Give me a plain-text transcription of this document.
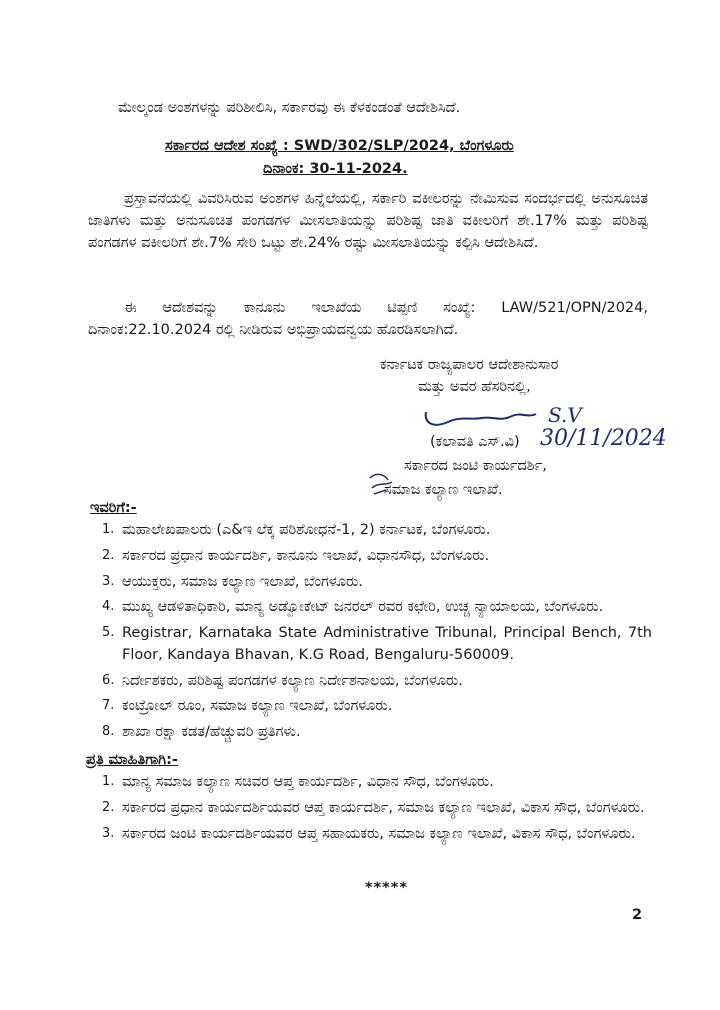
ಮೇಲ್ಕಂಡ ಅಂಶಗಳನ್ನು ಪರಿಶೀಲಿಸಿ, ಸರ್ಕಾರವು ಈ ಕೆಳಕಂಡಂತೆ ಆದೇಶಿಸಿದೆ.
ಸರ್ಕಾರದ ಆದೇಶ ಸಂಖ್ಯೆ : SWD/302/SLP/2024, ಬೆಂಗಳೂರು
ದಿನಾಂಕ: 30-11-2024.
ಪ್ರಸ್ತಾವನೆಯಲ್ಲಿ ವಿವರಿಸಿರುವ ಅಂಶಗಳ ಹಿನ್ನೆಲೆಯಲ್ಲಿ, ಸರ್ಕಾರಿ ವಕೀಲರನ್ನು ನೇಮಿಸುವ ಸಂದರ್ಭದಲ್ಲಿ ಅನುಸೂಚಿತ ಜಾತಿಗಳು ಮತ್ತು ಅನುಸೂಚಿತ ಪಂಗಡಗಳ ಮೀಸಲಾತಿಯನ್ನು ಪರಿಶಿಷ್ಟ ಜಾತಿ ವಕೀಲರಿಗೆ ಶೇ.17% ಮತ್ತು ಪರಿಶಿಷ್ಟ ಪಂಗಡಗಳ ವಕೀಲರಿಗೆ ಶೇ.7% ಸೇರಿ ಒಟ್ಟು ಶೇ.24% ರಷ್ಟು ಮೀಸಲಾತಿಯನ್ನು ಕಲ್ಪಿಸಿ ಆದೇಶಿಸಿದೆ.
ಈ ಆದೇಶವನ್ನು ಕಾನೂನು ಇಲಾಖೆಯ ಟಿಪ್ಪಣಿ ಸಂಖ್ಯೆ: LAW/521/OPN/2024, ದಿನಾಂಕ:22.10.2024 ರಲ್ಲಿ ನೀಡಿರುವ ಅಭಿಪ್ರಾಯದನ್ವಯ ಹೊರಡಿಸಲಾಗಿದೆ.
ಕರ್ನಾಟಕ ರಾಜ್ಯಪಾಲರ ಆದೇಶಾನುಸಾರ
ಮತ್ತು ಅವರ ಹೆಸರಿನಲ್ಲಿ,
S.V
30/11/2024
(ಕಲಾವತಿ ಎಸ್.ವಿ)
ಸರ್ಕಾರದ ಜಂಟಿ ಕಾರ್ಯದರ್ಶಿ,
ಸಮಾಜ ಕಲ್ಯಾಣ ಇಲಾಖೆ.
ಇವರಿಗೆ:-
1. ಮಹಾಲೇಖಪಾಲರು (ಎ&ಇ ಲೆಕ್ಕ ಪರಿಶೋಧನೆ-1, 2) ಕರ್ನಾಟಕ, ಬೆಂಗಳೂರು.
2. ಸರ್ಕಾರದ ಪ್ರಧಾನ ಕಾರ್ಯದರ್ಶಿ, ಕಾನೂನು ಇಲಾಖೆ, ವಿಧಾನಸೌಧ, ಬೆಂಗಳೂರು.
3. ಆಯುಕ್ತರು, ಸಮಾಜ ಕಲ್ಯಾಣ ಇಲಾಖೆ, ಬೆಂಗಳೂರು.
4. ಮುಖ್ಯ ಆಡಳಿತಾಧಿಕಾರಿ, ಮಾನ್ಯ ಅಡ್ವೋಕೇಟ್ ಜನರಲ್ ರವರ ಕಛೇರಿ, ಉಚ್ಚ ನ್ಯಾಯಾಲಯ, ಬೆಂಗಳೂರು.
5. Registrar, Karnataka State Administrative Tribunal, Principal Bench, 7th Floor, Kandaya Bhavan, K.G Road, Bengaluru-560009.
6. ನಿರ್ದೇಶಕರು, ಪರಿಶಿಷ್ಟ ಪಂಗಡಗಳ ಕಲ್ಯಾಣ ನಿರ್ದೇಶನಾಲಯ, ಬೆಂಗಳೂರು.
7. ಕಂಟ್ರೋಲ್ ರೂಂ, ಸಮಾಜ ಕಲ್ಯಾಣ ಇಲಾಖೆ, ಬೆಂಗಳೂರು.
8. ಶಾಖಾ ರಕ್ಷಾ ಕಡತ/ಹೆಚ್ಚುವರಿ ಪ್ರತಿಗಳು.
ಪ್ರತಿ ಮಾಹಿತಿಗಾಗಿ:-
1. ಮಾನ್ಯ ಸಮಾಜ ಕಲ್ಯಾಣ ಸಚಿವರ ಆಪ್ತ ಕಾರ್ಯದರ್ಶಿ, ವಿಧಾನ ಸೌಧ, ಬೆಂಗಳೂರು.
2. ಸರ್ಕಾರದ ಪ್ರಧಾನ ಕಾರ್ಯದರ್ಶಿಯವರ ಆಪ್ತ ಕಾರ್ಯದರ್ಶಿ, ಸಮಾಜ ಕಲ್ಯಾಣ ಇಲಾಖೆ, ವಿಕಾಸ ಸೌಧ, ಬೆಂಗಳೂರು.
3. ಸರ್ಕಾರದ ಜಂಟಿ ಕಾರ್ಯದರ್ಶಿಯವರ ಆಪ್ತ ಸಹಾಯಕರು, ಸಮಾಜ ಕಲ್ಯಾಣ ಇಲಾಖೆ, ವಿಕಾಸ ಸೌಧ, ಬೆಂಗಳೂರು.
*****
2
